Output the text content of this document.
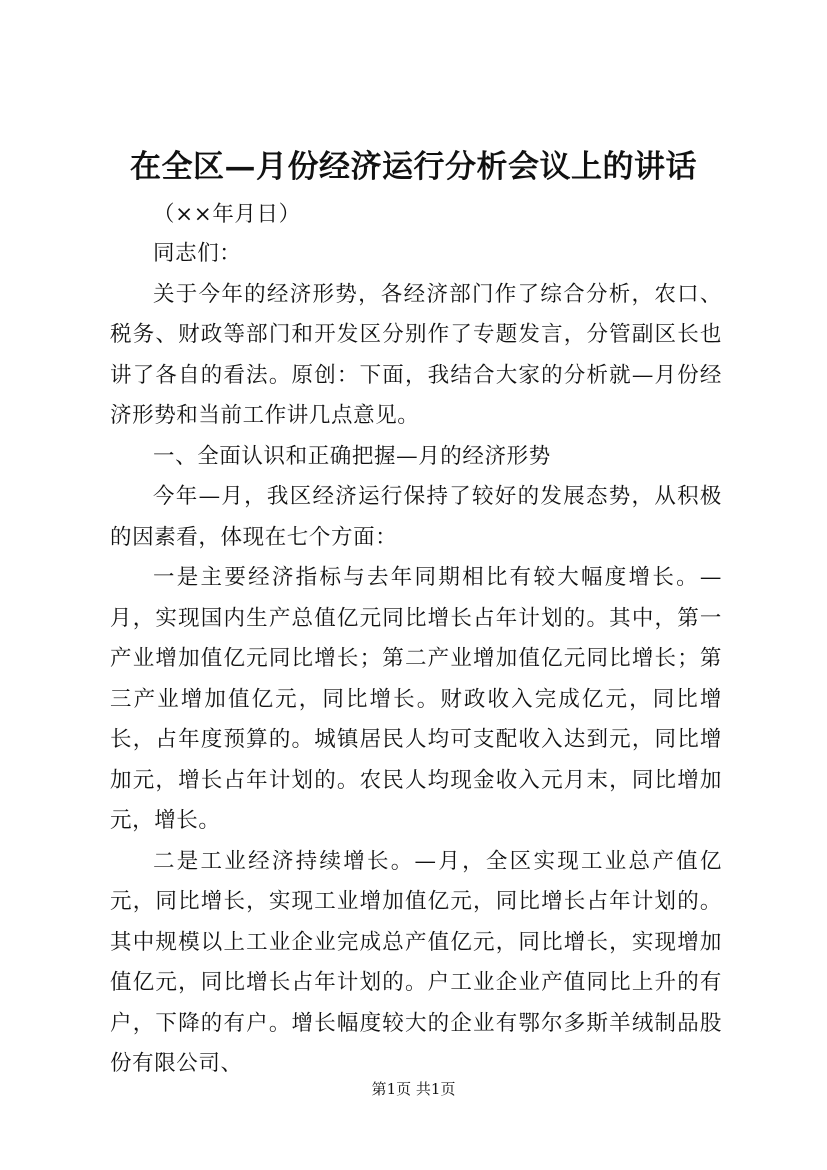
在全区—月份经济运行分析会议上的讲话

（××年月日）

同志们：

关于今年的经济形势，各经济部门作了综合分析，农口、税务、财政等部门和开发区分别作了专题发言，分管副区长也讲了各自的看法。原创：下面，我结合大家的分析就—月份经济形势和当前工作讲几点意见。

一、全面认识和正确把握—月的经济形势

今年—月，我区经济运行保持了较好的发展态势，从积极的因素看，体现在七个方面：

一是主要经济指标与去年同期相比有较大幅度增长。—月，实现国内生产总值亿元同比增长占年计划的。其中，第一产业增加值亿元同比增长；第二产业增加值亿元同比增长；第三产业增加值亿元，同比增长。财政收入完成亿元，同比增长，占年度预算的。城镇居民人均可支配收入达到元，同比增加元，增长占年计划的。农民人均现金收入元月末，同比增加元，增长。

二是工业经济持续增长。—月，全区实现工业总产值亿元，同比增长，实现工业增加值亿元，同比增长占年计划的。其中规模以上工业企业完成总产值亿元，同比增长，实现增加值亿元，同比增长占年计划的。户工业企业产值同比上升的有户，下降的有户。增长幅度较大的企业有鄂尔多斯羊绒制品股份有限公司、

第1页 共1页
